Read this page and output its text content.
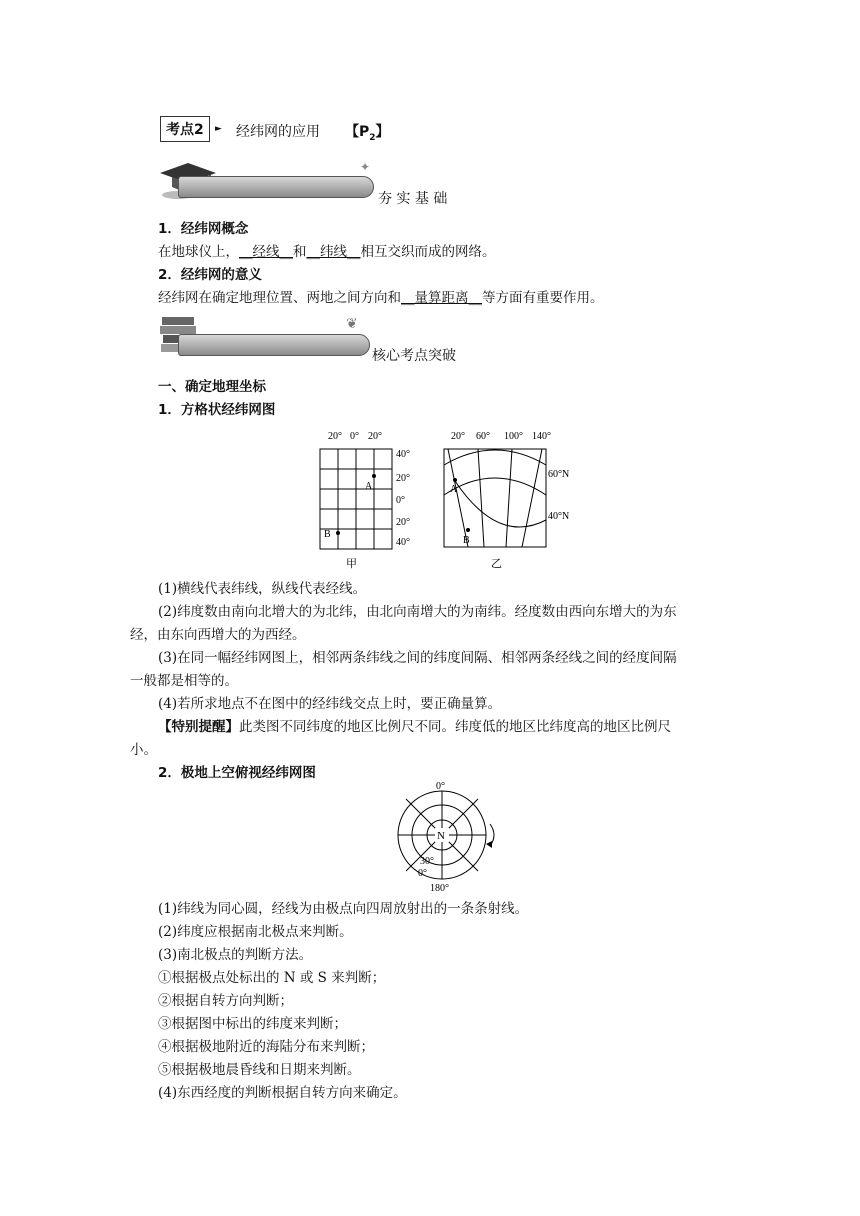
考点2	► 经纬网的应用 【$P_2$】
✦
夯 实 基 础
1．经纬网概念
在地球仪上，__经线__和__纬线__相互交织而成的网络。
2．经纬网的意义
经纬网在确定地理位置、两地之间方向和__量算距离__等方面有重要作用。
❦
核心考点突破
一、确定地理坐标
1．方格状经纬网图
20° 0° 20°
40°
20°
0°
20°
40°
A
B
甲
20° 60° 100° 140°
60°N
40°N
A
B
乙
(1)横线代表纬线，纵线代表经线。
(2)纬度数由南向北增大的为北纬，由北向南增大的为南纬。经度数由西向东增大的为东
经，由东向西增大的为西经。
(3)在同一幅经纬网图上，相邻两条纬线之间的纬度间隔、相邻两条经线之间的经度间隔
一般都是相等的。
(4)若所求地点不在图中的经纬线交点上时，要正确量算。
【特别提醒】此类图不同纬度的地区比例尺不同。纬度低的地区比纬度高的地区比例尺
小。
2．极地上空俯视经纬网图
0°
N
30°
0°
180°
(1)纬线为同心圆，经线为由极点向四周放射出的一条条射线。
(2)纬度应根据南北极点来判断。
(3)南北极点的判断方法。
①根据极点处标出的 N 或 S 来判断；
②根据自转方向判断；
③根据图中标出的纬度来判断；
④根据极地附近的海陆分布来判断；
⑤根据极地晨昏线和日期来判断。
(4)东西经度的判断根据自转方向来确定。
